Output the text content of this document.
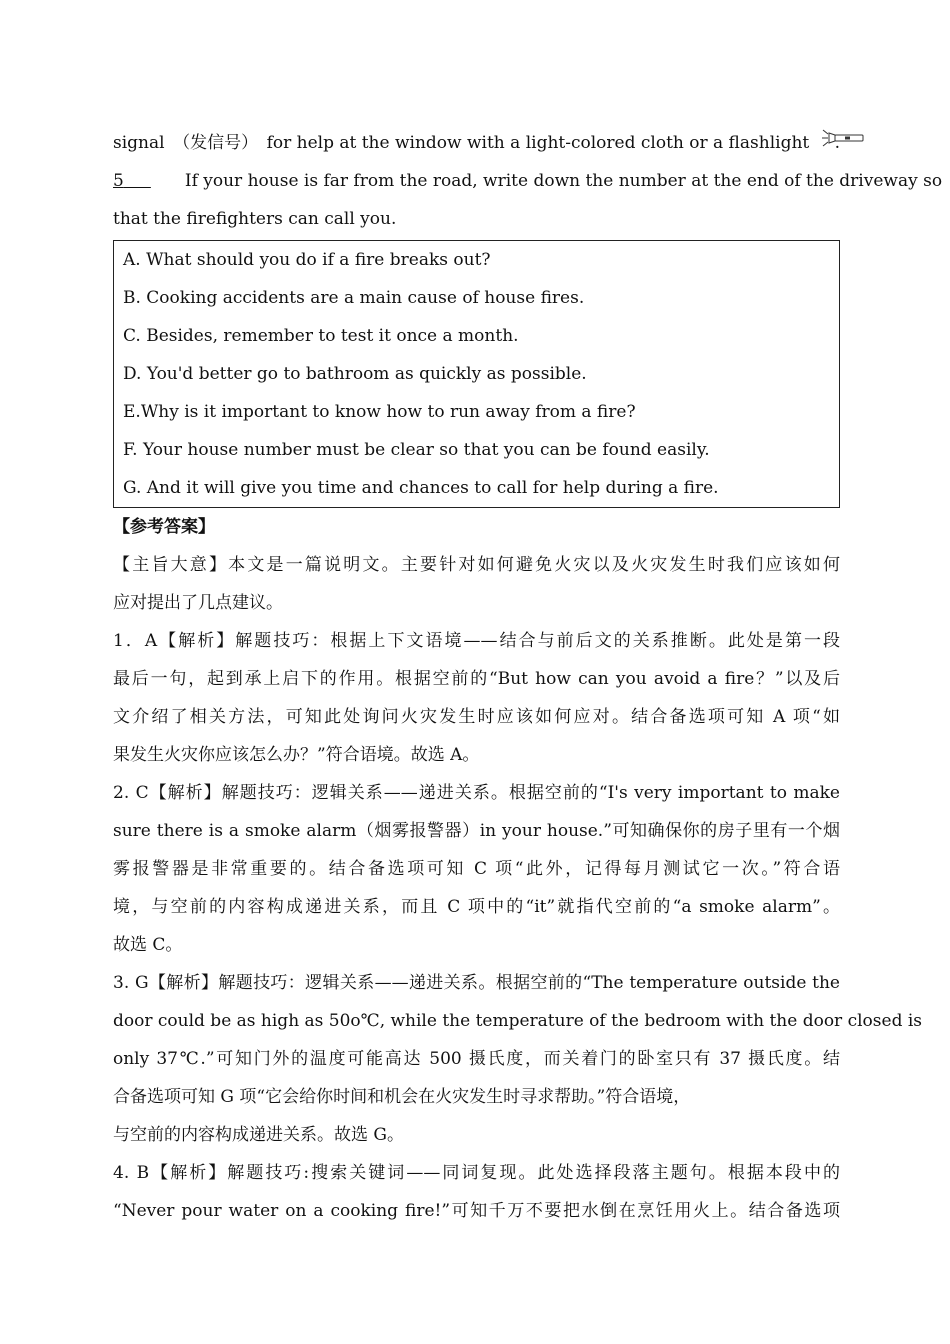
signal　（发信号）　for help at the window with a light-colored cloth or a flashlight .
5     　　If your house is far from the road, write down the number at the end of the driveway so
that the firefighters can call you.
A. What should you do if a fire breaks out?
B. Cooking accidents are a main cause of house fires.
C. Besides, remember to test it once a month.
D. You'd better go to bathroom as quickly as possible.
E.Why is it important to know how to run away from a fire?
F. Your house number must be clear so that you can be found easily.
G. And it will give you time and chances to call for help during a fire.
【参考答案】
【主旨大意】本文是一篇说明文。主要针对如何避免火灾以及火灾发生时我们应该如何
应对提出了几点建议。
1．A【解析】解题技巧：根据上下文语境——结合与前后文的关系推断。此处是第一段
最后一句，起到承上启下的作用。根据空前的“But how can you avoid a fire？”以及后
文介绍了相关方法，可知此处询问火灾发生时应该如何应对。结合备选项可知 A 项“如
果发生火灾你应该怎么办？”符合语境。故选 A。
2. C【解析】解题技巧：逻辑关系——递进关系。根据空前的“I's very important to make
sure there is a smoke alarm（烟雾报警器）in your house.”可知确保你的房子里有一个烟
雾报警器是非常重要的。结合备选项可知 C 项“此外，记得每月测试它一次。”符合语
境，与空前的内容构成递进关系，而且 C 项中的“it”就指代空前的“a smoke alarm”。
故选 C。
3. G【解析】解题技巧：逻辑关系——递进关系。根据空前的“The temperature outside the
door could be as high as 50o℃, while the temperature of the bedroom with the door closed is
only 37℃.”可知门外的温度可能高达 500 摄氏度，而关着门的卧室只有 37 摄氏度。结
合备选项可知 G 项“它会给你时间和机会在火灾发生时寻求帮助。”符合语境，
与空前的内容构成递进关系。故选 G。
4. B【解析】解题技巧:搜索关键词——同词复现。此处选择段落主题句。根据本段中的
“Never pour water on a cooking fire!”可知千万不要把水倒在烹饪用火上。结合备选项
